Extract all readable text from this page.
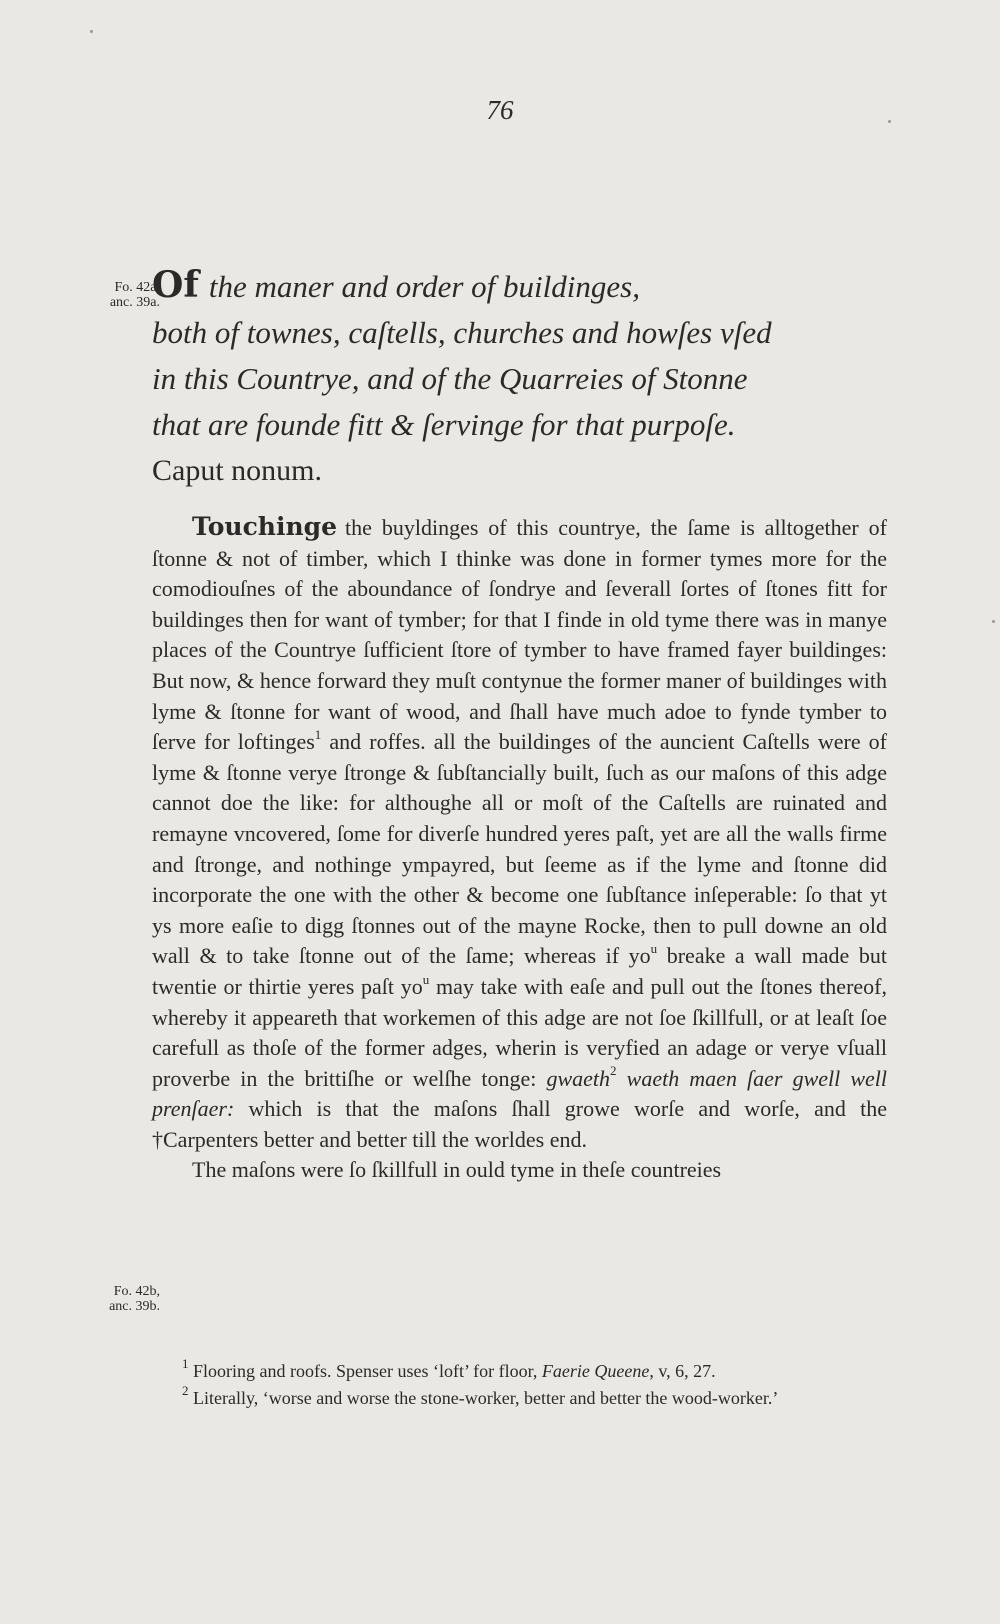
76
Fo. 42a,
anc. 39a.
Of the maner and order of buildinges,
both of townes, caſtells, churches and howſes vſed
in this Countrye, and of the Quarreies of Stonne
that are founde fitt & ſervinge for that purpoſe.
Caput nonum.

Touchinge the buyldinges of this countrye, the ſame is alltogether of ſtonne & not of timber, which I thinke was done in former tymes more for the comodiouſnes of the aboundance of ſondrye and ſeverall ſortes of ſtones fitt for buildinges then for want of tymber; for that I finde in old tyme there was in manye places of the Countrye ſufficient ſtore of tymber to have framed fayer buildinges: But now, & hence forward they muſt contynue the former maner of buildinges with lyme & ſtonne for want of wood, and ſhall have much adoe to fynde tymber to ſerve for loftinges$^1$ and roffes. all the buildinges of the auncient Caſtells were of lyme & ſtonne verye ſtronge & ſubſtancially built, ſuch as our maſons of this adge cannot doe the like: for althoughe all or moſt of the Caſtells are ruinated and remayne vncovered, ſome for diverſe hundred yeres paſt, yet are all the walls firme and ſtronge, and nothinge ympayred, but ſeeme as if the lyme and ſtonne did incorporate the one with the other & become one ſubſtance inſeperable: ſo that yt ys more eaſie to digg ſtonnes out of the mayne Rocke, then to pull downe an old wall & to take ſtonne out of the ſame; whereas if $yo^u$ breake a wall made but twentie or thirtie yeres paſt $yo^u$ may take with eaſe and pull out the ſtones thereof, whereby it appeareth that workemen of this adge are not ſoe ſkillfull, or at leaſt ſoe carefull as thoſe of the former adges, wherin is veryfied an adage or verye vſuall proverbe in the brittiſhe or welſhe tonge: gwaeth$^2$ waeth maen ſaer gwell well prenſaer: which is that the maſons ſhall growe worſe and worſe, and the †Carpenters better and better till the worldes end.

The maſons were ſo ſkillfull in ould tyme in theſe countreies

Fo. 42b,
anc. 39b.

$^1$ Flooring and roofs. Spenser uses ‘loft’ for floor, Faerie Queene, v, 6, 27.

$^2$ Literally, ‘worse and worse the stone-worker, better and better the wood-worker.’
